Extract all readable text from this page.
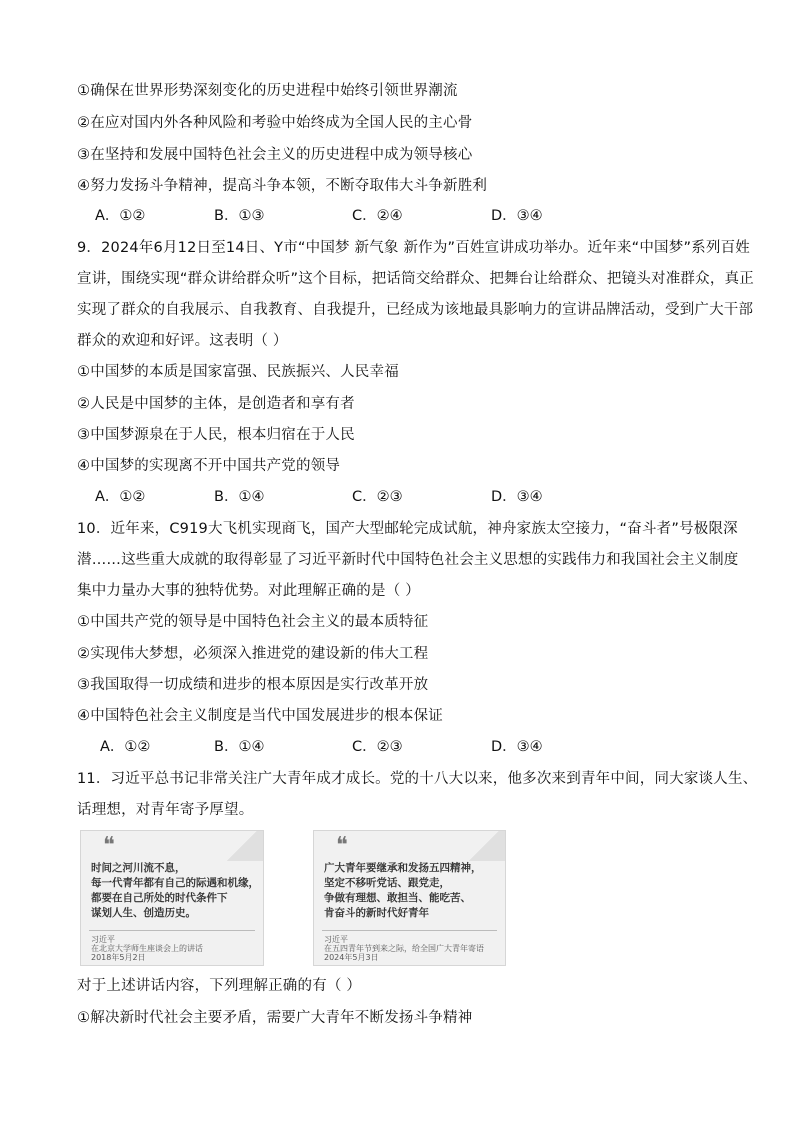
①确保在世界形势深刻变化的历史进程中始终引领世界潮流
②在应对国内外各种风险和考验中始终成为全国人民的主心骨
③在坚持和发展中国特色社会主义的历史进程中成为领导核心
④努力发扬斗争精神，提高斗争本领，不断夺取伟大斗争新胜利
A．①②	B．①③	C．②④	D．③④
9．2024年6月12日至14日、Y市“中国梦 新气象 新作为”百姓宣讲成功举办。近年来“中国梦”系列百姓
宣讲，围绕实现“群众讲给群众听”这个目标，把话筒交给群众、把舞台让给群众、把镜头对准群众，真正
实现了群众的自我展示、自我教育、自我提升，已经成为该地最具影响力的宣讲品牌活动，受到广大干部
群众的欢迎和好评。这表明（ ）
①中国梦的本质是国家富强、民族振兴、人民幸福
②人民是中国梦的主体，是创造者和享有者
③中国梦源泉在于人民，根本归宿在于人民
④中国梦的实现离不开中国共产党的领导
A．①②	B．①④	C．②③	D．③④
10．近年来，C919大飞机实现商飞，国产大型邮轮完成试航，神舟家族太空接力，“奋斗者”号极限深
潜……这些重大成就的取得彰显了习近平新时代中国特色社会主义思想的实践伟力和我国社会主义制度
集中力量办大事的独特优势。对此理解正确的是（ ）
①中国共产党的领导是中国特色社会主义的最本质特征
②实现伟大梦想，必须深入推进党的建设新的伟大工程
③我国取得一切成绩和进步的根本原因是实行改革开放
④中国特色社会主义制度是当代中国发展进步的根本保证
A．①②	B．①④	C．②③	D．③④
11．习近平总书记非常关注广大青年成才成长。党的十八大以来，他多次来到青年中间，同大家谈人生、
话理想，对青年寄予厚望。
❝
时间之河川流不息，
每一代青年都有自己的际遇和机缘，
都要在自己所处的时代条件下
谋划人生、创造历史。
习近平
在北京大学师生座谈会上的讲话
2018年5月2日
❝
广大青年要继承和发扬五四精神，
坚定不移听党话、跟党走，
争做有理想、敢担当、能吃苦、
肯奋斗的新时代好青年
习近平
在五四青年节到来之际，给全国广大青年寄语
2024年5月3日
对于上述讲话内容，下列理解正确的有（ ）
①解决新时代社会主要矛盾，需要广大青年不断发扬斗争精神
